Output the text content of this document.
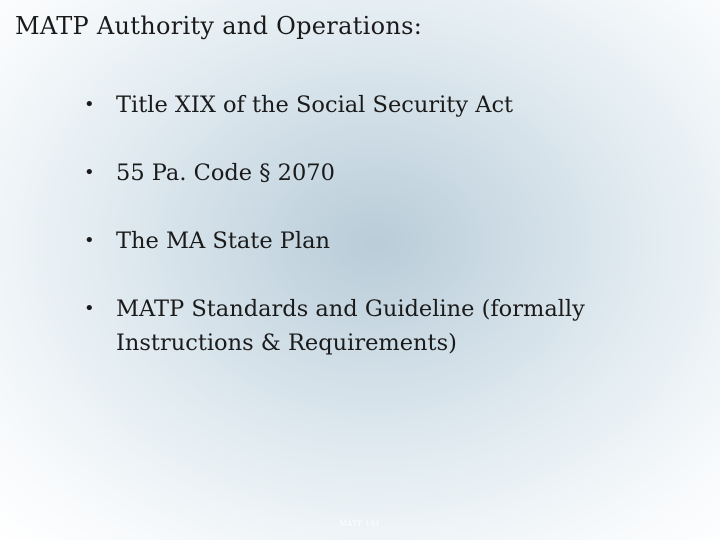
MATP Authority and Operations:
• Title XIX of the Social Security Act
• 55 Pa. Code § 2070
• The MA State Plan
• MATP Standards and Guideline (formally Instructions & Requirements)
MATP 101
